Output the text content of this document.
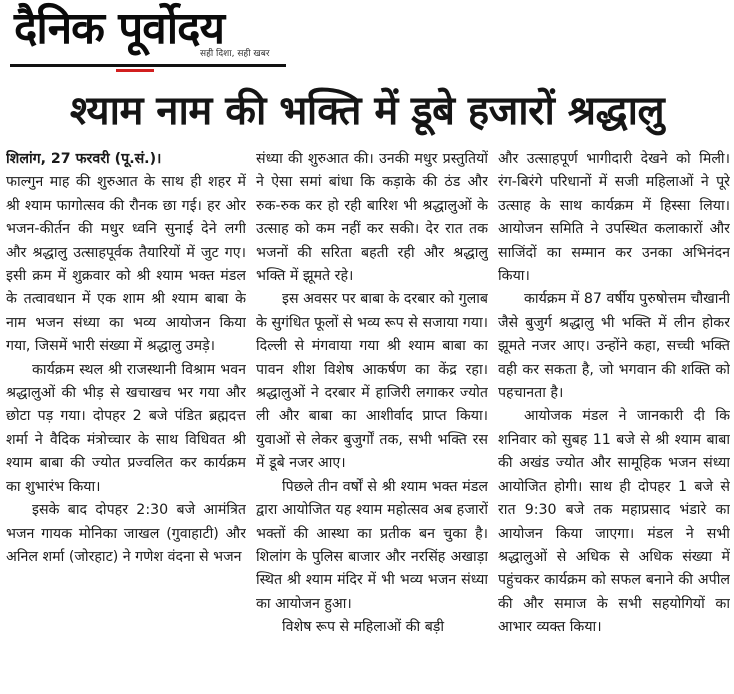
दैनिक पूर्वोदय
सही दिशा, सही खबर
श्याम नाम की भक्ति में डूबे हजारों श्रद्धालु

शिलांग, 27 फरवरी (पू.सं.)।
फाल्गुन माह की शुरुआत के साथ ही शहर में श्री श्याम फागोत्सव की रौनक छा गई। हर ओर भजन-कीर्तन की मधुर ध्वनि सुनाई देने लगी और श्रद्धालु उत्साहपूर्वक तैयारियों में जुट गए। इसी क्रम में शुक्रवार को श्री श्याम भक्त मंडल के तत्वावधान में एक शाम श्री श्याम बाबा के नाम भजन संध्या का भव्य आयोजन किया गया, जिसमें भारी संख्या में श्रद्धालु उमड़े।

कार्यक्रम स्थल श्री राजस्थानी विश्राम भवन श्रद्धालुओं की भीड़ से खचाखच भर गया और छोटा पड़ गया। दोपहर 2 बजे पंडित ब्रह्मदत्त शर्मा ने वैदिक मंत्रोच्चार के साथ विधिवत श्री श्याम बाबा की ज्योत प्रज्वलित कर कार्यक्रम का शुभारंभ किया।

इसके बाद दोपहर 2:30 बजे आमंत्रित भजन गायक मोनिका जाखल (गुवाहाटी) और अनिल शर्मा (जोरहाट) ने गणेश वंदना से भजन

संध्या की शुरुआत की। उनकी मधुर प्रस्तुतियों ने ऐसा समां बांधा कि कड़ाके की ठंड और रुक-रुक कर हो रही बारिश भी श्रद्धालुओं के उत्साह को कम नहीं कर सकी। देर रात तक भजनों की सरिता बहती रही और श्रद्धालु भक्ति में झूमते रहे।

इस अवसर पर बाबा के दरबार को गुलाब के सुगंधित फूलों से भव्य रूप से सजाया गया। दिल्ली से मंगवाया गया श्री श्याम बाबा का पावन शीश विशेष आकर्षण का केंद्र रहा। श्रद्धालुओं ने दरबार में हाजिरी लगाकर ज्योत ली और बाबा का आशीर्वाद प्राप्त किया। युवाओं से लेकर बुजुर्गों तक, सभी भक्ति रस में डूबे नजर आए।

पिछले तीन वर्षों से श्री श्याम भक्त मंडल द्वारा आयोजित यह श्याम महोत्सव अब हजारों भक्तों की आस्था का प्रतीक बन चुका है। शिलांग के पुलिस बाजार और नरसिंह अखाड़ा स्थित श्री श्याम मंदिर में भी भव्य भजन संध्या का आयोजन हुआ।

विशेष रूप से महिलाओं की बड़ी

और उत्साहपूर्ण भागीदारी देखने को मिली। रंग-बिरंगे परिधानों में सजी महिलाओं ने पूरे उत्साह के साथ कार्यक्रम में हिस्सा लिया। आयोजन समिति ने उपस्थित कलाकारों और साजिंदों का सम्मान कर उनका अभिनंदन किया।

कार्यक्रम में 87 वर्षीय पुरुषोत्तम चौखानी जैसे बुजुर्ग श्रद्धालु भी भक्ति में लीन होकर झूमते नजर आए। उन्होंने कहा, सच्ची भक्ति वही कर सकता है, जो भगवान की शक्ति को पहचानता है।

आयोजक मंडल ने जानकारी दी कि शनिवार को सुबह 11 बजे से श्री श्याम बाबा की अखंड ज्योत और सामूहिक भजन संध्या आयोजित होगी। साथ ही दोपहर 1 बजे से रात 9:30 बजे तक महाप्रसाद भंडारे का आयोजन किया जाएगा। मंडल ने सभी श्रद्धालुओं से अधिक से अधिक संख्या में पहुंचकर कार्यक्रम को सफल बनाने की अपील की और समाज के सभी सहयोगियों का आभार व्यक्त किया।
